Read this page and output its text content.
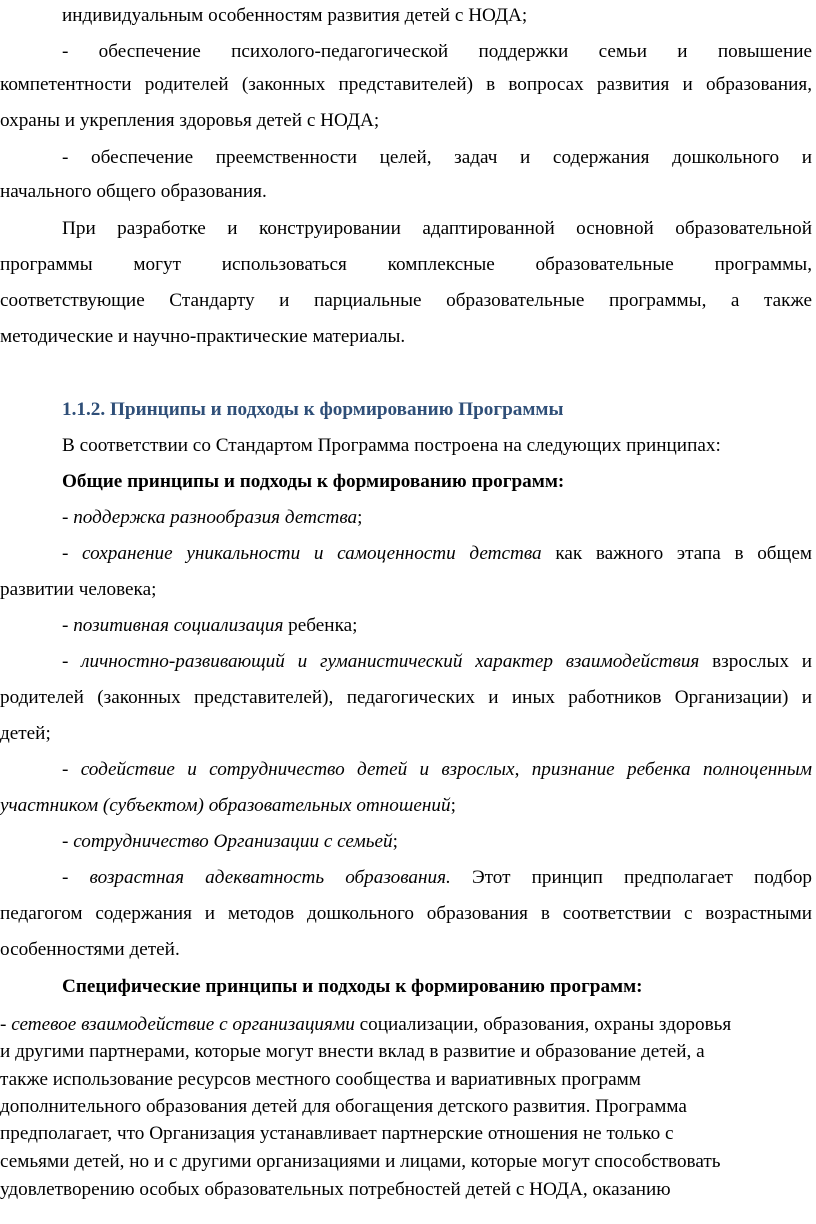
индивидуальным особенностям развития детей с НОДА;
- обеспечение психолого-педагогической поддержки семьи и повышение
компетентности родителей (законных представителей) в вопросах развития и образования,
охраны и укрепления здоровья детей с НОДА;
- обеспечение преемственности целей, задач и содержания дошкольного и
начального общего образования.
При разработке и конструировании адаптированной основной образовательной
программы могут использоваться комплексные образовательные программы,
соответствующие Стандарту и парциальные образовательные программы, а также
методические и научно-практические материалы.
1.1.2. Принципы и подходы к формированию Программы
В соответствии со Стандартом Программа построена на следующих принципах:
Общие принципы и подходы к формированию программ:
- поддержка разнообразия детства;
- сохранение уникальности и самоценности детства как важного этапа в общем
развитии человека;
- позитивная социализация ребенка;
- личностно-развивающий и гуманистический характер взаимодействия взрослых и
родителей (законных представителей), педагогических и иных работников Организации) и
детей;
- содействие и сотрудничество детей и взрослых, признание ребенка полноценным
участником (субъектом) образовательных отношений;
- сотрудничество Организации с семьей;
- возрастная адекватность образования. Этот принцип предполагает подбор
педагогом содержания и методов дошкольного образования в соответствии с возрастными
особенностями детей.
Специфические принципы и подходы к формированию программ:
- сетевое взаимодействие с организациями социализации, образования, охраны здоровья
и другими партнерами, которые могут внести вклад в развитие и образование детей, а
также использование ресурсов местного сообщества и вариативных программ
дополнительного образования детей для обогащения детского развития. Программа
предполагает, что Организация устанавливает партнерские отношения не только с
семьями детей, но и с другими организациями и лицами, которые могут способствовать
удовлетворению особых образовательных потребностей детей с НОДА, оказанию
